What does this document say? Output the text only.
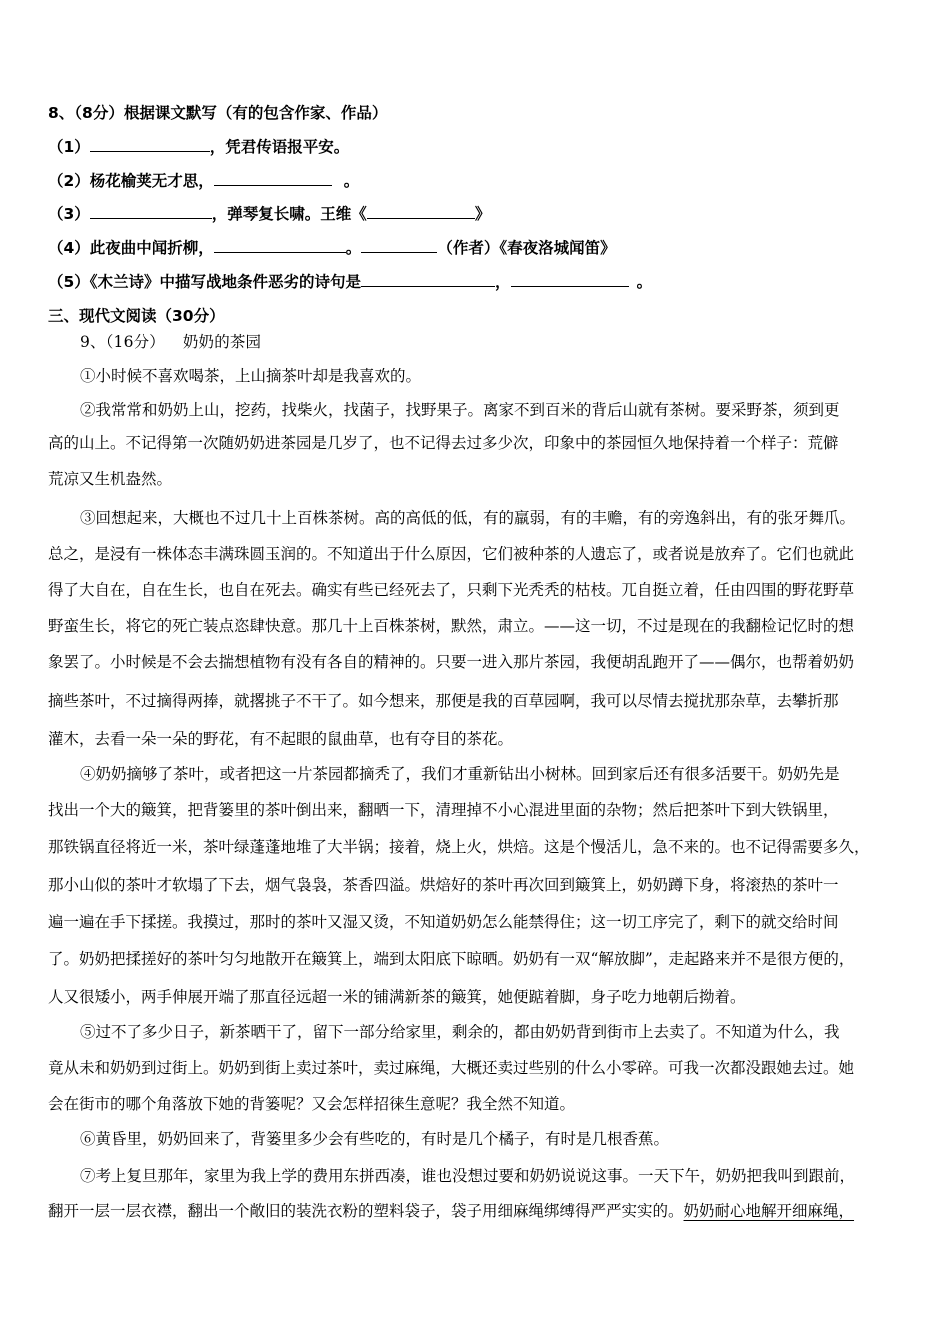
8、（8分）根据课文默写（有的包含作家、作品）
（1）	，凭君传语报平安。
（2）杨花榆荚无才思，	。
（3）	，弹琴复长啸。王维《	》
（4）此夜曲中闻折柳，	。	（作者）《春夜洛城闻笛》
（5）《木兰诗》中描写战地条件恶劣的诗句是	，	。
三、现代文阅读（30分）
9、（16分） 奶奶的茶园
①小时候不喜欢喝茶，上山摘茶叶却是我喜欢的。
②我常常和奶奶上山，挖药，找柴火，找菌子，找野果子。离家不到百米的背后山就有茶树。要采野茶，须到更
高的山上。不记得第一次随奶奶进茶园是几岁了，也不记得去过多少次，印象中的茶园恒久地保持着一个样子：荒僻
荒凉又生机盎然。
③回想起来，大概也不过几十上百株茶树。高的高低的低，有的羸弱，有的丰赡，有的旁逸斜出，有的张牙舞爪。
总之，是浸有一株体态丰满珠圆玉润的。不知道出于什么原因，它们被种茶的人遗忘了，或者说是放弃了。它们也就此
得了大自在，自在生长，也自在死去。确实有些已经死去了，只剩下光秃秃的枯枝。兀自挺立着，任由四围的野花野草
野蛮生长，将它的死亡装点恣肆快意。那几十上百株茶树，默然，肃立。——这一切，不过是现在的我翻检记忆时的想
象罢了。小时候是不会去揣想植物有没有各自的精神的。只要一进入那片茶园，我便胡乱跑开了——偶尔，也帮着奶奶
摘些茶叶，不过摘得两捧，就撂挑子不干了。如今想来，那便是我的百草园啊，我可以尽情去搅扰那杂草，去攀折那
灌木，去看一朵一朵的野花，有不起眼的鼠曲草，也有夺目的茶花。
④奶奶摘够了茶叶，或者把这一片茶园都摘秃了，我们才重新钻出小树林。回到家后还有很多活要干。奶奶先是
找出一个大的簸箕，把背篓里的茶叶倒出来，翻晒一下，清理掉不小心混进里面的杂物；然后把茶叶下到大铁锅里，
那铁锅直径将近一米，茶叶绿蓬蓬地堆了大半锅；接着，烧上火，烘焙。这是个慢活儿，急不来的。也不记得需要多久，
那小山似的茶叶才软塌了下去，烟气袅袅，茶香四溢。烘焙好的茶叶再次回到簸箕上，奶奶蹲下身，将滚热的茶叶一
遍一遍在手下揉搓。我摸过，那时的茶叶又湿又烫，不知道奶奶怎么能禁得住；这一切工序完了，剩下的就交给时间
了。奶奶把揉搓好的茶叶匀匀地散开在簸箕上，端到太阳底下晾晒。奶奶有一双“解放脚”，走起路来并不是很方便的，
人又很矮小，两手伸展开端了那直径远超一米的铺满新茶的簸箕，她便踮着脚，身子吃力地朝后拗着。
⑤过不了多少日子，新茶晒干了，留下一部分给家里，剩余的，都由奶奶背到街市上去卖了。不知道为什么，我
竟从未和奶奶到过街上。奶奶到街上卖过茶叶，卖过麻绳，大概还卖过些别的什么小零碎。可我一次都没跟她去过。她
会在街市的哪个角落放下她的背篓呢？又会怎样招徕生意呢？我全然不知道。
⑥黄昏里，奶奶回来了，背篓里多少会有些吃的，有时是几个橘子，有时是几根香蕉。
⑦考上复旦那年，家里为我上学的费用东拼西凑，谁也没想过要和奶奶说说这事。一天下午，奶奶把我叫到跟前，
翻开一层一层衣襟，翻出一个敞旧的装洗衣粉的塑料袋子，袋子用细麻绳绑缚得严严实实的。奶奶耐心地解开细麻绳，
